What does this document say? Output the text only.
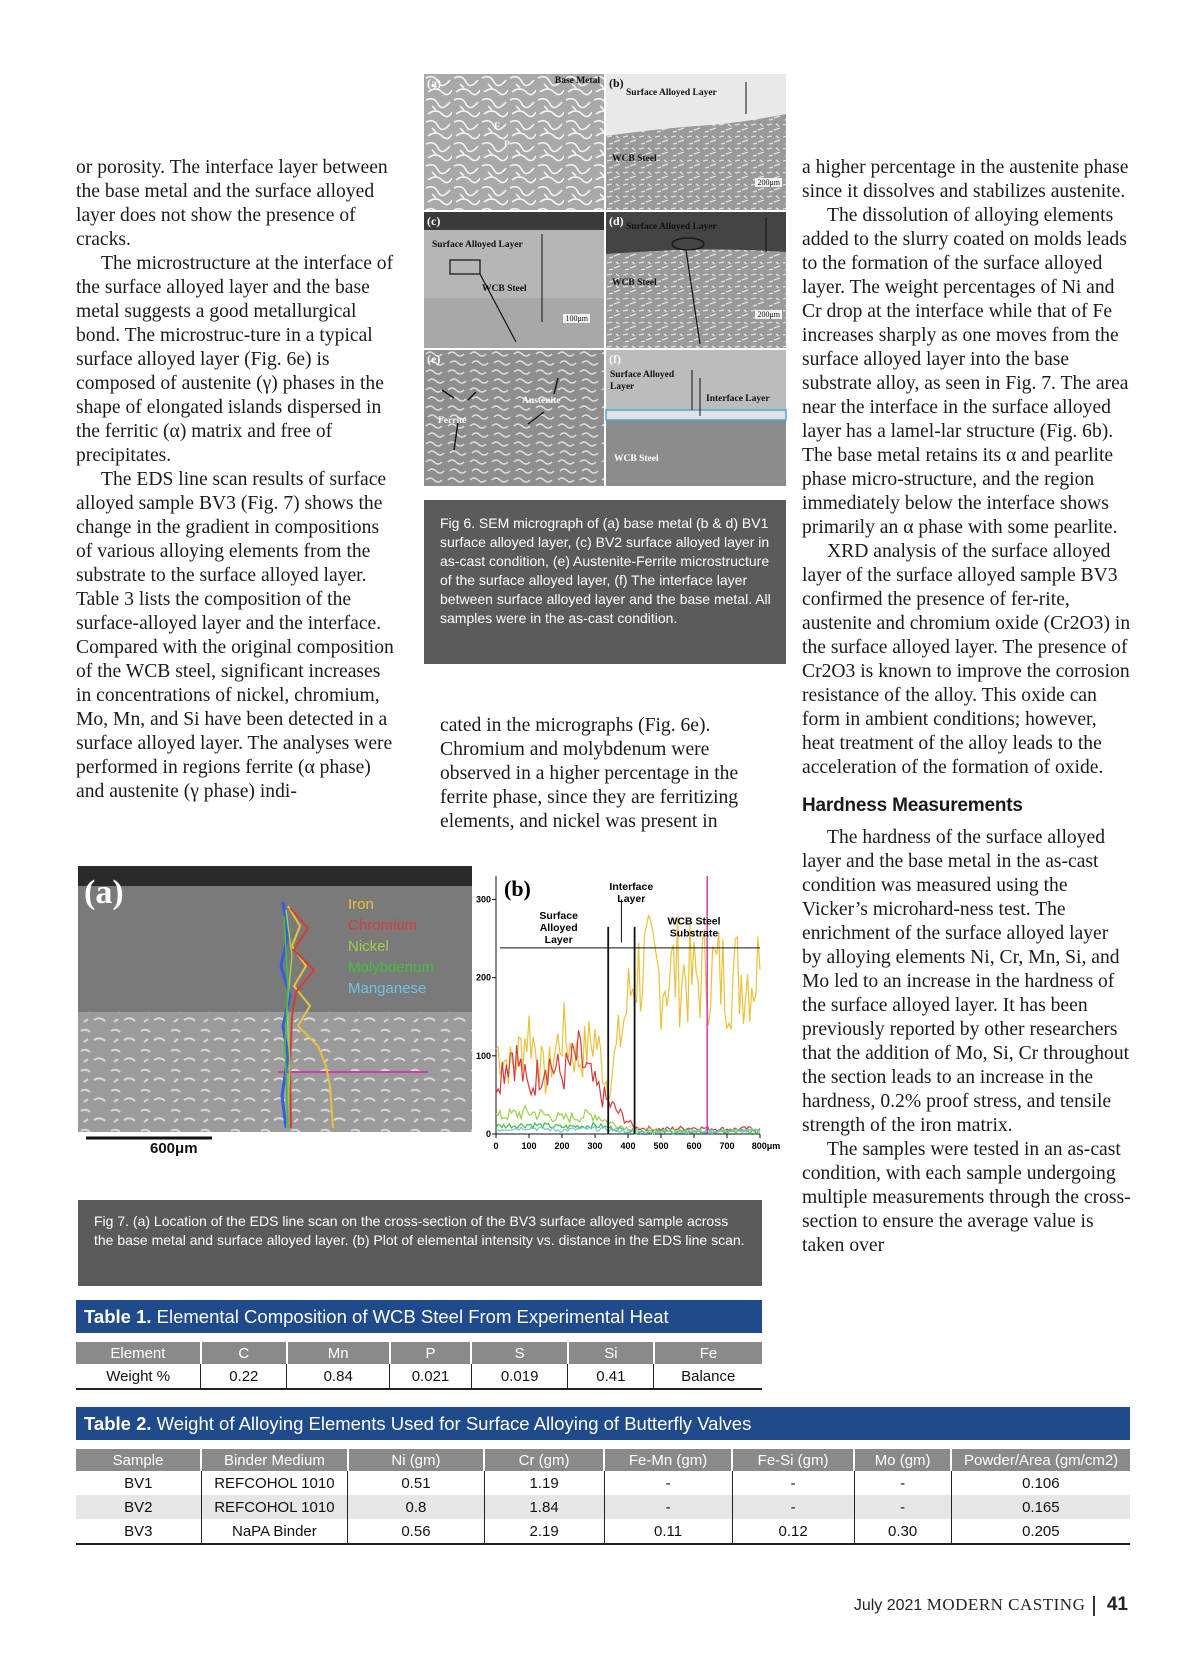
or porosity. The interface layer between the base metal and the surface alloyed layer does not show the presence of cracks.

The microstructure at the interface of the surface alloyed layer and the base metal suggests a good metallurgical bond. The microstruc-ture in a typical surface alloyed layer (Fig. 6e) is composed of austenite (γ) phases in the shape of elongated islands dispersed in the ferritic (α) matrix and free of precipitates.

The EDS line scan results of surface alloyed sample BV3 (Fig. 7) shows the change in the gradient in compositions of various alloying elements from the substrate to the surface alloyed layer. Table 3 lists the composition of the surface-alloyed layer and the interface. Compared with the original composition of the WCB steel, significant increases in concentrations of nickel, chromium, Mo, Mn, and Si have been detected in a surface alloyed layer. The analyses were performed in regions ferrite (α phase) and austenite (γ phase) indi-

(a)	Base Metal
F
P
(b)
Surface Alloyed Layer
WCB Steel
200μm
(c)
Surface Alloyed Layer
WCB Steel
100μm
(d) Surface Alloyed Layer
WCB Steel
200μm
(e)
Austenite
Ferrite
(f)
Surface Alloyed
Layer
Interface Layer
WCB Steel
Fig 6. SEM micrograph of (a) base metal (b & d) BV1 surface alloyed layer, (c) BV2 surface alloyed layer in as-cast condition, (e) Austenite-Ferrite microstructure of the surface alloyed layer, (f) The interface layer between surface alloyed layer and the base metal. All samples were in the as-cast condition.

cated in the micrographs (Fig. 6e). Chromium and molybdenum were observed in a higher percentage in the ferrite phase, since they are ferritizing elements, and nickel was present in

a higher percentage in the austenite phase since it dissolves and stabilizes austenite.

The dissolution of alloying elements added to the slurry coated on molds leads to the formation of the surface alloyed layer. The weight percentages of Ni and Cr drop at the interface while that of Fe increases sharply as one moves from the surface alloyed layer into the base substrate alloy, as seen in Fig. 7. The area near the interface in the surface alloyed layer has a lamel-lar structure (Fig. 6b). The base metal retains its α and pearlite phase micro-structure, and the region immediately below the interface shows primarily an α phase with some pearlite.

XRD analysis of the surface alloyed layer of the surface alloyed sample BV3 confirmed the presence of fer-rite, austenite and chromium oxide (Cr2O3) in the surface alloyed layer. The presence of Cr2O3 is known to improve the corrosion resistance of the alloy. This oxide can form in ambient conditions; however, heat treatment of the alloy leads to the acceleration of the formation of oxide.

Hardness Measurements

The hardness of the surface alloyed layer and the base metal in the as-cast condition was measured using the Vicker’s microhard-ness test. The enrichment of the surface alloyed layer by alloying elements Ni, Cr, Mn, Si, and Mo led to an increase in the hardness of the surface alloyed layer. It has been previously reported by other researchers that the addition of Mo, Si, Cr throughout the section leads to an increase in the hardness, 0.2% proof stress, and tensile strength of the iron matrix.

The samples were tested in an as-cast condition, with each sample undergoing multiple measurements through the cross-section to ensure the average value is taken over

(a)
600μm
Iron
Chromium
Nickel
Molybdenum
Manganese
0	100 200 300 400 500 600 700 800μm
0
100
200
300 (b)	Interface
Layer
Surface
Alloyed
Layer
WCB Steel
Substrate
Fig 7. (a) Location of the EDS line scan on the cross-section of the BV3 surface alloyed sample across the base metal and surface alloyed layer. (b) Plot of elemental intensity vs. distance in the EDS line scan.
Table 1. Elemental Composition of WCB Steel From Experimental Heat
Element	C	Mn	P	S	Si	Fe
Weight %	0.22	0.84	0.021	0.019	0.41	Balance
Table 2. Weight of Alloying Elements Used for Surface Alloying of Butterfly Valves
Sample	Binder Medium	Ni (gm)	Cr (gm)	Fe-Mn (gm)	Fe-Si (gm)	Mo (gm)	Powder/Area (gm/cm2)
BV1	REFCOHOL 1010	0.51	1.19	-	-	-	0.106
BV2	REFCOHOL 1010	0.8	1.84	-	-	-	0.165
BV3	NaPA Binder	0.56	2.19	0.11	0.12	0.30	0.205
July 2021 MODERN CASTING 41
